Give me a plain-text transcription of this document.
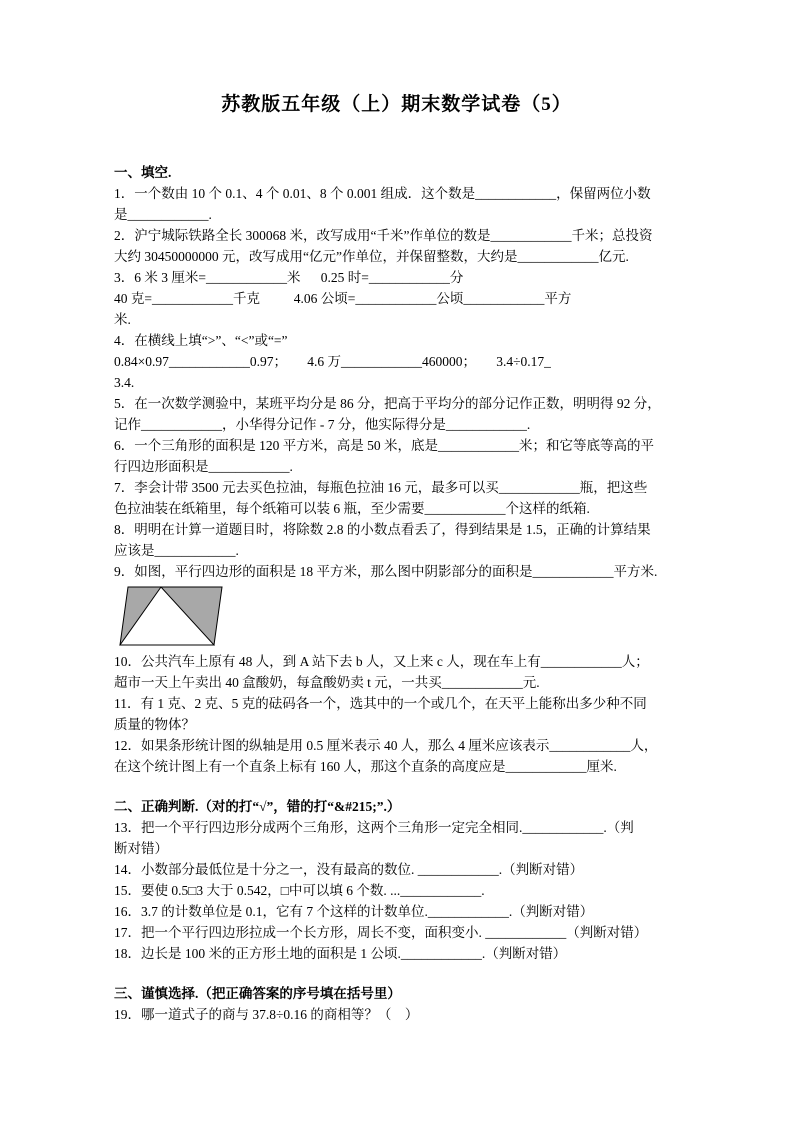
苏教版五年级（上）期末数学试卷（5）
一、填空.
1．一个数由 10 个 0.1、4 个 0.01、8 个 0.001 组成．这个数是____________，保留两位小数
是____________.
2．沪宁城际铁路全长 300068 米，改写成用“千米”作单位的数是____________千米；总投资
大约 30450000000 元，改写成用“亿元”作单位，并保留整数，大约是____________亿元.
3．6 米 3 厘米=____________米      0.25 时=____________分
40 克=____________千克          4.06 公顷=____________公顷____________平方
米.
4．在横线上填“>”、“<”或“=”
0.84×0.97____________0.97；      4.6 万____________460000；      3.4÷0.17_
3.4.
5．在一次数学测验中，某班平均分是 86 分，把高于平均分的部分记作正数，明明得 92 分，
记作____________，小华得分记作 - 7 分，他实际得分是____________.
6．一个三角形的面积是 120 平方米，高是 50 米，底是____________米；和它等底等高的平
行四边形面积是____________.
7．李会计带 3500 元去买色拉油，每瓶色拉油 16 元，最多可以买____________瓶，把这些
色拉油装在纸箱里，每个纸箱可以装 6 瓶，至少需要____________个这样的纸箱.
8．明明在计算一道题目时，将除数 2.8 的小数点看丢了，得到结果是 1.5，正确的计算结果
应该是____________.
9．如图，平行四边形的面积是 18 平方米，那么图中阴影部分的面积是____________平方米.
10．公共汽车上原有 48 人，到 A 站下去 b 人，又上来 c 人，现在车上有____________人；
超市一天上午卖出 40 盒酸奶，每盒酸奶卖 t 元，一共买____________元.
11．有 1 克、2 克、5 克的砝码各一个，选其中的一个或几个，在天平上能称出多少种不同
质量的物体？
12．如果条形统计图的纵轴是用 0.5 厘米表示 40 人，那么 4 厘米应该表示____________人，
在这个统计图上有一个直条上标有 160 人，那这个直条的高度应是____________厘米.
二、正确判断.（对的打“√”，错的打“&#215;”.）
13．把一个平行四边形分成两个三角形，这两个三角形一定完全相同.____________.（判
断对错）
14．小数部分最低位是十分之一，没有最高的数位. ____________.（判断对错）
15．要使 0.5□3 大于 0.542，□中可以填 6 个数. ...____________.
16．3.7 的计数单位是 0.1，它有 7 个这样的计数单位.____________.（判断对错）
17．把一个平行四边形拉成一个长方形，周长不变，面积变小. ____________（判断对错）
18．边长是 100 米的正方形土地的面积是 1 公顷.____________.（判断对错）
三、谨慎选择.（把正确答案的序号填在括号里）
19．哪一道式子的商与 37.8÷0.16 的商相等？（　）
